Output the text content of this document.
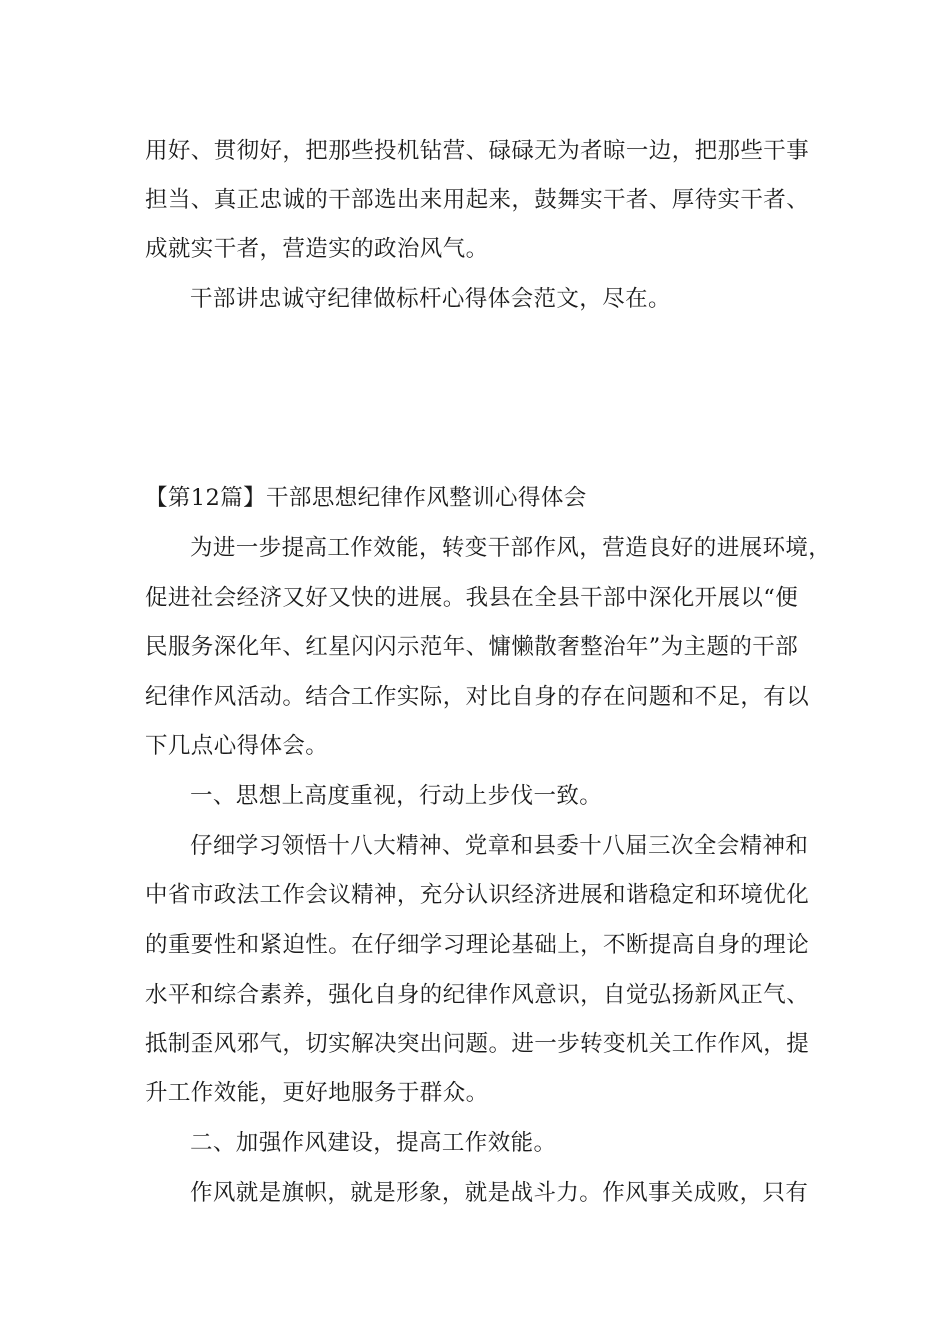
用好、贯彻好，把那些投机钻营、碌碌无为者晾一边，把那些干事
担当、真正忠诚的干部选出来用起来，鼓舞实干者、厚待实干者、
成就实干者，营造实的政治风气。
干部讲忠诚守纪律做标杆心得体会范文，尽在。
【第12篇】干部思想纪律作风整训心得体会
为进一步提高工作效能，转变干部作风，营造良好的进展环境，
促进社会经济又好又快的进展。我县在全县干部中深化开展以“便
民服务深化年、红星闪闪示范年、慵懒散奢整治年”为主题的干部
纪律作风活动。结合工作实际，对比自身的存在问题和不足，有以
下几点心得体会。
一、思想上高度重视，行动上步伐一致。
仔细学习领悟十八大精神、党章和县委十八届三次全会精神和
中省市政法工作会议精神，充分认识经济进展和谐稳定和环境优化
的重要性和紧迫性。在仔细学习理论基础上，不断提高自身的理论
水平和综合素养，强化自身的纪律作风意识，自觉弘扬新风正气、
抵制歪风邪气，切实解决突出问题。进一步转变机关工作作风，提
升工作效能，更好地服务于群众。
二、加强作风建设，提高工作效能。
作风就是旗帜，就是形象，就是战斗力。作风事关成败，只有
